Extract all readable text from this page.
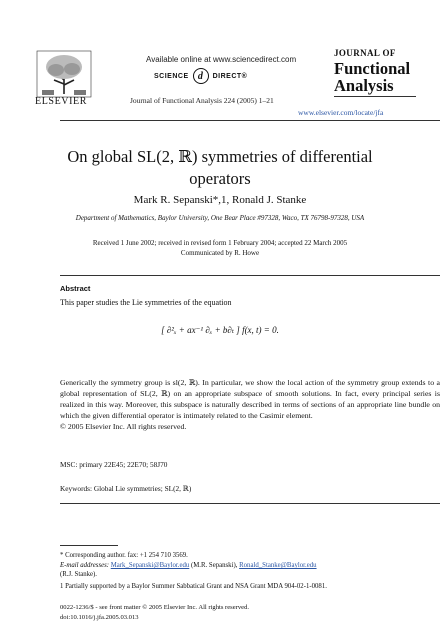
Available online at www.sciencedirect.com
SCIENCE d	DIRECT®
ELSEVIER	Journal of Functional Analysis 224 (2005) 1–21
JOURNAL OF
Functional
Analysis
www.elsevier.com/locate/jfa
On global SL(2, ℝ) symmetries of differential
operators
Mark R. Sepanski*,1, Ronald J. Stanke
Department of Mathematics, Baylor University, One Bear Place #97328, Waco, TX 76798-97328, USA
Received 1 June 2002; received in revised form 1 February 2004; accepted 22 March 2005
Communicated by R. Howe
Abstract
This paper studies the Lie symmetries of the equation
[ ∂²ₓ + ax⁻¹ ∂ₓ + b∂ₜ ] f(x, t) = 0.
Generically the symmetry group is sl(2, ℝ). In particular, we show the local action of the symmetry group extends to a global representation of SL(2, ℝ) on an appropriate subspace of smooth solutions. In fact, every principal series is realized in this way. Moreover, this subspace is naturally described in terms of sections of an appropriate line bundle on which the given differential operator is intimately related to the Casimir element.
© 2005 Elsevier Inc. All rights reserved.
MSC: primary 22E45; 22E70; 58J70
Keywords: Global Lie symmetries; SL(2, ℝ)
* Corresponding author. fax: +1 254 710 3569.
E-mail addresses: Mark_Sepanski@Baylor.edu (M.R. Sepanski), Ronald_Stanke@Baylor.edu
(R.J. Stanke).
1 Partially supported by a Baylor Summer Sabbatical Grant and NSA Grant MDA 904-02-1-0081.
0022-1236/$ - see front matter © 2005 Elsevier Inc. All rights reserved.
doi:10.1016/j.jfa.2005.03.013
